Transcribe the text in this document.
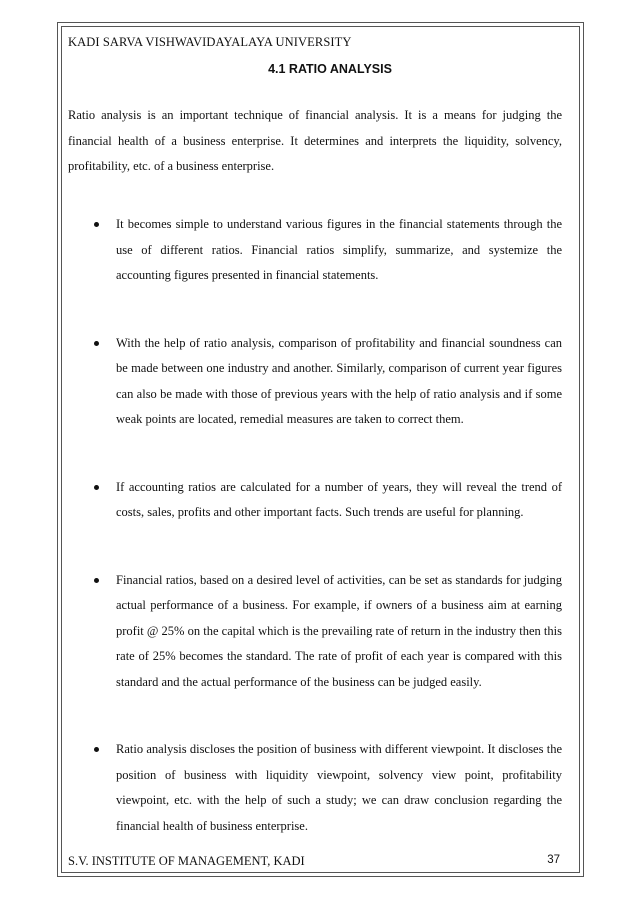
KADI SARVA VISHWAVIDAYALAYA UNIVERSITY
4.1 RATIO ANALYSIS

Ratio analysis is an important technique of financial analysis. It is a means for judging the financial health of a business enterprise. It determines and interprets the liquidity, solvency, profitability, etc. of a business enterprise.

It becomes simple to understand various figures in the financial statements through the use of different ratios. Financial ratios simplify, summarize, and systemize the accounting figures presented in financial statements.
With the help of ratio analysis, comparison of profitability and financial soundness can be made between one industry and another. Similarly, comparison of current year figures can also be made with those of previous years with the help of ratio analysis and if some weak points are located, remedial measures are taken to correct them.
If accounting ratios are calculated for a number of years, they will reveal the trend of costs, sales, profits and other important facts. Such trends are useful for planning.
Financial ratios, based on a desired level of activities, can be set as standards for judging actual performance of a business. For example, if owners of a business aim at earning profit @ 25% on the capital which is the prevailing rate of return in the industry then this rate of 25% becomes the standard. The rate of profit of each year is compared with this standard and the actual performance of the business can be judged easily.
Ratio analysis discloses the position of business with different viewpoint. It discloses the position of business with liquidity viewpoint, solvency view point, profitability viewpoint, etc. with the help of such a study; we can draw conclusion regarding the financial health of business enterprise.
S.V. INSTITUTE OF MANAGEMENT, KADI	37
